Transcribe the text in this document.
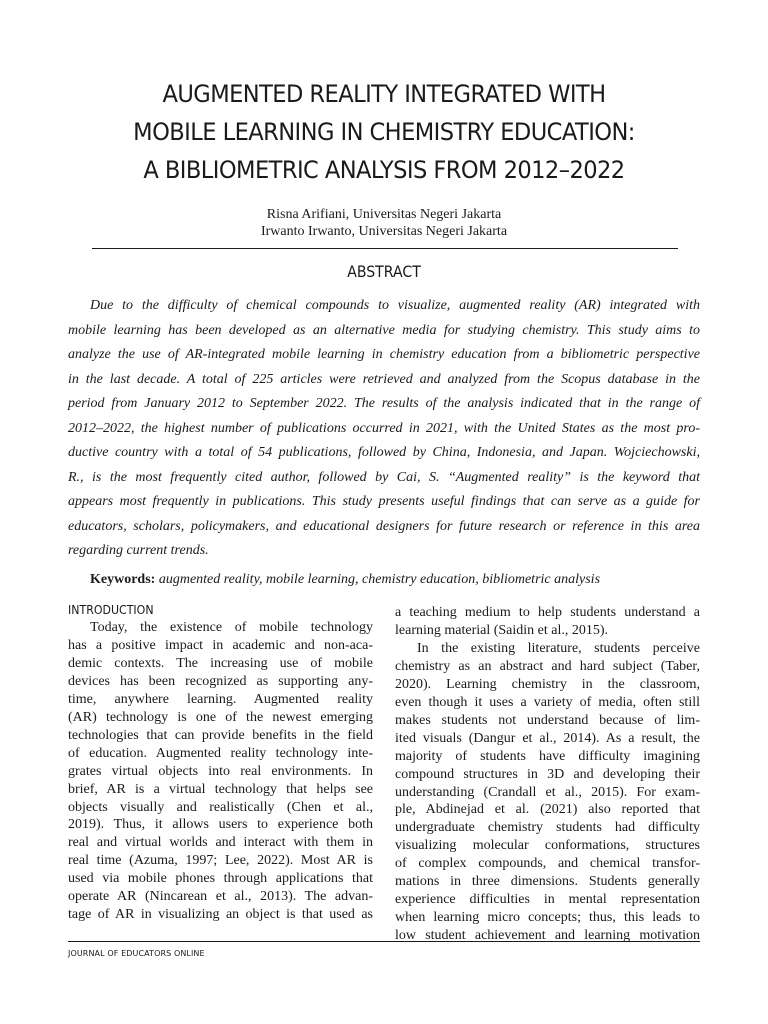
AUGMENTED REALITY INTEGRATED WITH
MOBILE LEARNING IN CHEMISTRY EDUCATION:
A BIBLIOMETRIC ANALYSIS FROM 2012–2022
Risna Arifiani, Universitas Negeri Jakarta
Irwanto Irwanto, Universitas Negeri Jakarta
ABSTRACT
Due to the difficulty of chemical compounds to visualize, augmented reality (AR) integrated with
mobile learning has been developed as an alternative media for studying chemistry. This study aims to
analyze the use of AR-integrated mobile learning in chemistry education from a bibliometric perspective
in the last decade. A total of 225 articles were retrieved and analyzed from the Scopus database in the
period from January 2012 to September 2022. The results of the analysis indicated that in the range of
2012–2022, the highest number of publications occurred in 2021, with the United States as the most pro-
ductive country with a total of 54 publications, followed by China, Indonesia, and Japan. Wojciechowski,
R., is the most frequently cited author, followed by Cai, S. “Augmented reality” is the keyword that
appears most frequently in publications. This study presents useful findings that can serve as a guide for
educators, scholars, policymakers, and educational designers for future research or reference in this area
regarding current trends.
Keywords: augmented reality, mobile learning, chemistry education, bibliometric analysis
INTRODUCTION
Today, the existence of mobile technology
has a positive impact in academic and non-aca-
demic contexts. The increasing use of mobile
devices has been recognized as supporting any-
time, anywhere learning. Augmented reality
(AR) technology is one of the newest emerging
technologies that can provide benefits in the field
of education. Augmented reality technology inte-
grates virtual objects into real environments. In
brief, AR is a virtual technology that helps see
objects visually and realistically (Chen et al.,
2019). Thus, it allows users to experience both
real and virtual worlds and interact with them in
real time (Azuma, 1997; Lee, 2022). Most AR is
used via mobile phones through applications that
operate AR (Nincarean et al., 2013). The advan-
tage of AR in visualizing an object is that used as
a teaching medium to help students understand a
learning material (Saidin et al., 2015).
In the existing literature, students perceive
chemistry as an abstract and hard subject (Taber,
2020). Learning chemistry in the classroom,
even though it uses a variety of media, often still
makes students not understand because of lim-
ited visuals (Dangur et al., 2014). As a result, the
majority of students have difficulty imagining
compound structures in 3D and developing their
understanding (Crandall et al., 2015). For exam-
ple, Abdinejad et al. (2021) also reported that
undergraduate chemistry students had difficulty
visualizing molecular conformations, structures
of complex compounds, and chemical transfor-
mations in three dimensions. Students generally
experience difficulties in mental representation
when learning micro concepts; thus, this leads to
low student achievement and learning motivation
JOURNAL OF EDUCATORS ONLINE
